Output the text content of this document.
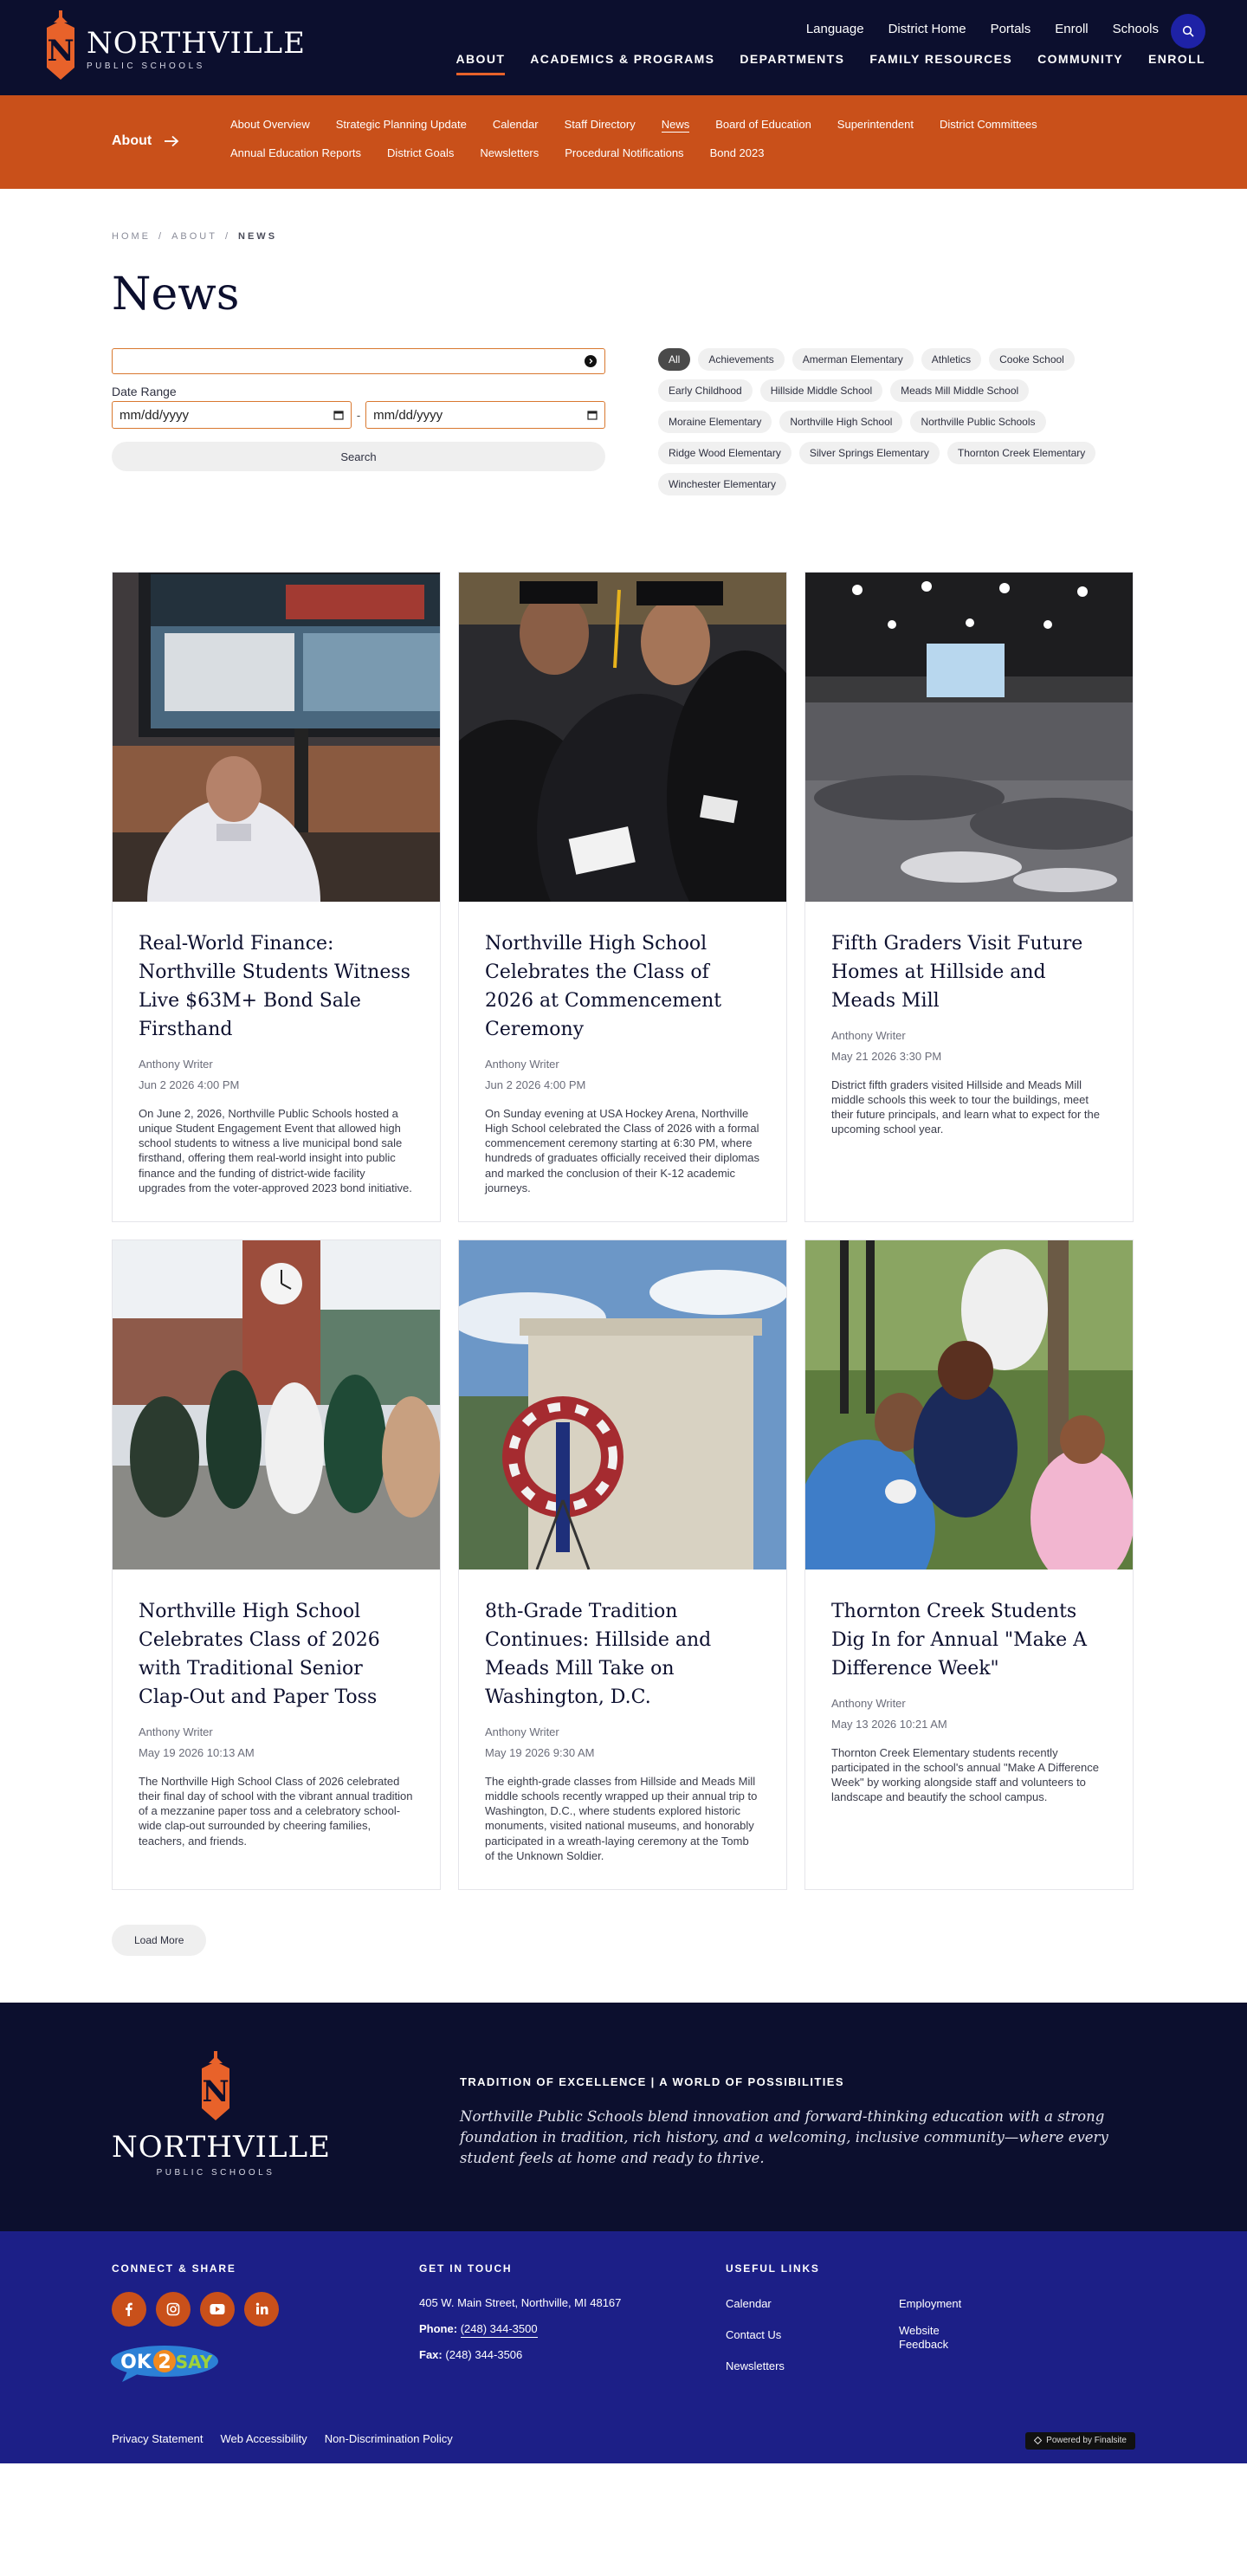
N NORTHVILLE
PUBLIC SCHOOLS
Language District Home Portals Enroll Schools
ABOUT ACADEMICS & PROGRAMS DEPARTMENTS FAMILY RESOURCES COMMUNITY ENROLL
About
About Overview Strategic Planning Update Calendar Staff Directory News Board of Education Superintendent District Committees
Annual Education Reports District Goals Newsletters Procedural Notifications Bond 2023
HOME / ABOUT / NEWS
News
Date Range
mm/dd/yyyy	- mm/dd/yyyy
Search
All	Achievements	Amerman Elementary	Athletics	Cooke School
Early Childhood	Hillside Middle School	Meads Mill Middle School
Moraine Elementary	Northville High School	Northville Public Schools
Ridge Wood Elementary	Silver Springs Elementary	Thornton Creek Elementary
Winchester Elementary
Real-World Finance: Northville Students Witness Live $63M+ Bond Sale Firsthand
Anthony Writer
Jun 2 2026 4:00 PM

On June 2, 2026, Northville Public Schools hosted a unique Student Engagement Event that allowed high school students to witness a live municipal bond sale firsthand, offering them real-world insight into public finance and the funding of district-wide facility upgrades from the voter-approved 2023 bond initiative.

Northville High School Celebrates the Class of 2026 at Commencement Ceremony
Anthony Writer
Jun 2 2026 4:00 PM

On Sunday evening at USA Hockey Arena, Northville High School celebrated the Class of 2026 with a formal commencement ceremony starting at 6:30 PM, where hundreds of graduates officially received their diplomas and marked the conclusion of their K-12 academic journeys.

Fifth Graders Visit Future Homes at Hillside and Meads Mill
Anthony Writer
May 21 2026 3:30 PM

District fifth graders visited Hillside and Meads Mill middle schools this week to tour the buildings, meet their future principals, and learn what to expect for the upcoming school year.

Northville High School Celebrates Class of 2026 with Traditional Senior Clap-Out and Paper Toss
Anthony Writer
May 19 2026 10:13 AM

The Northville High School Class of 2026 celebrated their final day of school with the vibrant annual tradition of a mezzanine paper toss and a celebratory school-wide clap-out surrounded by cheering families, teachers, and friends.

8th-Grade Tradition Continues: Hillside and Meads Mill Take on Washington, D.C.
Anthony Writer
May 19 2026 9:30 AM

The eighth-grade classes from Hillside and Meads Mill middle schools recently wrapped up their annual trip to Washington, D.C., where students explored historic monuments, visited national museums, and honorably participated in a wreath-laying ceremony at the Tomb of the Unknown Soldier.

Thornton Creek Students Dig In for Annual "Make A Difference Week"
Anthony Writer
May 13 2026 10:21 AM

Thornton Creek Elementary students recently participated in the school's annual "Make A Difference Week" by working alongside staff and volunteers to landscape and beautify the school campus.

Load More
N
NORTHVILLE
PUBLIC SCHOOLS
TRADITION OF EXCELLENCE | A WORLD OF POSSIBILITIES

Northville Public Schools blend innovation and forward-thinking education with a strong foundation in tradition, rich history, and a welcoming, inclusive community—where every student feels at home and ready to thrive.

CONNECT & SHARE
OK 2 SAY
GET IN TOUCH
405 W. Main Street, Northville, MI 48167
Phone: (248) 344-3500
Fax: (248) 344-3506
USEFUL LINKS
Calendar
Contact Us
Newsletters
Employment
Website Feedback
Privacy Statement Web Accessibility Non-Discrimination Policy	Powered by Finalsite
